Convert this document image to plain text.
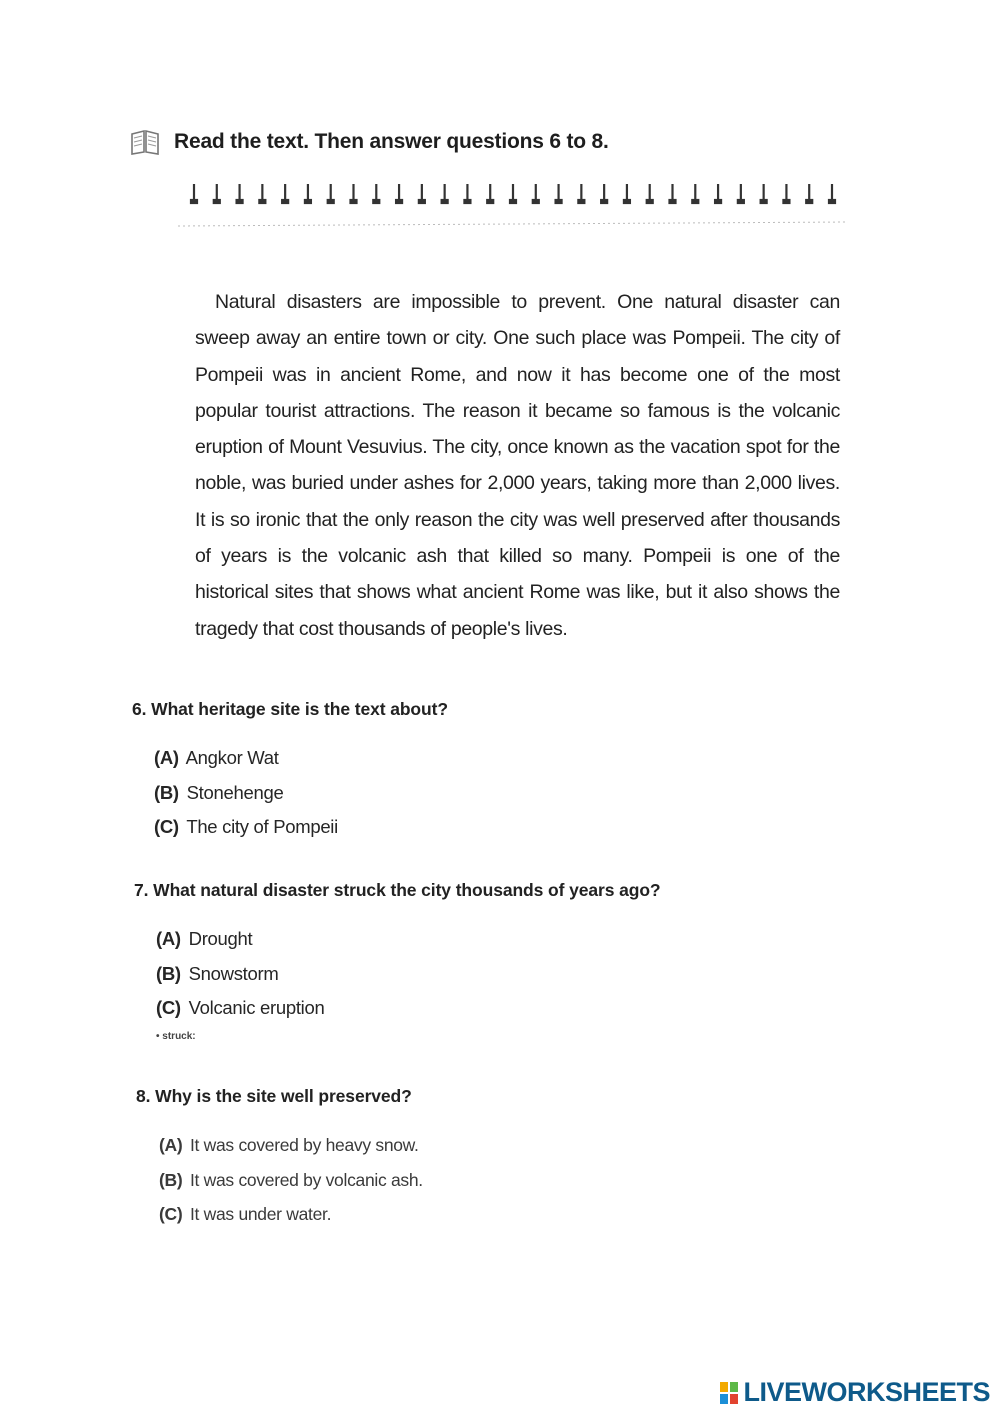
Read the text. Then answer questions 6 to 8.

Natural disasters are impossible to prevent. One natural disaster can sweep away an entire town or city. One such place was Pompeii. The city of Pompeii was in ancient Rome, and now it has become one of the most popular tourist attractions. The reason it became so famous is the volcanic eruption of Mount Vesuvius. The city, once known as the vacation spot for the noble, was buried under ashes for 2,000 years, taking more than 2,000 lives. It is so ironic that the only reason the city was well preserved after thousands of years is the volcanic ash that killed so many. Pompeii is one of the historical sites that shows what ancient Rome was like, but it also shows the tragedy that cost thousands of people's lives.

6. What heritage site is the text about?
(A) Angkor Wat
(B) Stonehenge
(C) The city of Pompeii
7. What natural disaster struck the city thousands of years ago?
(A) Drought
(B) Snowstorm
(C) Volcanic eruption
• struck:
8. Why is the site well preserved?
(A) It was covered by heavy snow.
(B) It was covered by volcanic ash.
(C) It was under water.
LIVEWORKSHEETS
